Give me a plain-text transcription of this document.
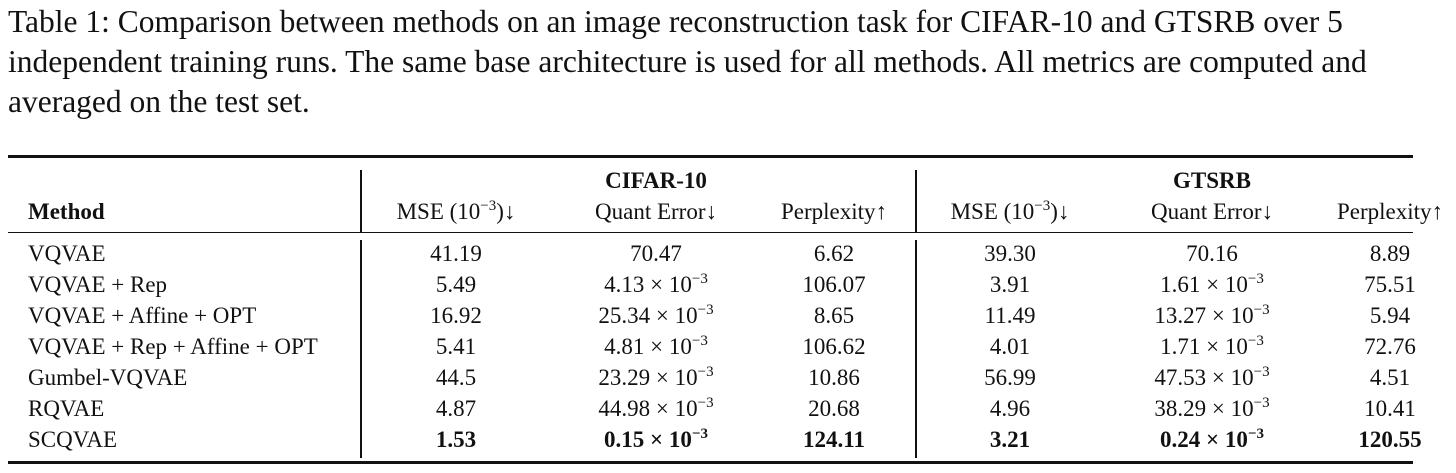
Table 1: Comparison between methods on an image reconstruction task for CIFAR-10 and GTSRB over 5 independent training runs. The same base architecture is used for all methods. All metrics are computed and averaged on the test set.

Method
CIFAR-10
MSE $(10^{-3})↓$	Quant Error↓	Perplexity↑
GTSRB
MSE $(10^{-3})↓$	Quant Error↓	Perplexity↑
VQVAE	41.19	70.47	6.62	39.30	70.16	8.89
VQVAE + Rep	5.49	$4.13 \times 10^{-3}$	106.07	3.91	$1.61 \times 10^{-3}$	75.51
VQVAE + Affine + OPT	16.92	$25.34 \times 10^{-3}$	8.65	11.49	$13.27 \times 10^{-3}$	5.94
VQVAE + Rep + Affine + OPT	5.41	$4.81 \times 10^{-3}$	106.62	4.01	$1.71 \times 10^{-3}$	72.76
Gumbel-VQVAE	44.5	$23.29 \times 10^{-3}$	10.86	56.99	$47.53 \times 10^{-3}$	4.51
RQVAE	4.87	$44.98 \times 10^{-3}$	20.68	4.96	$38.29 \times 10^{-3}$	10.41
SCQVAE	1.53	$0.15 \times 10^{-3}$	124.11	3.21	$0.24 \times 10^{-3}$	120.55
